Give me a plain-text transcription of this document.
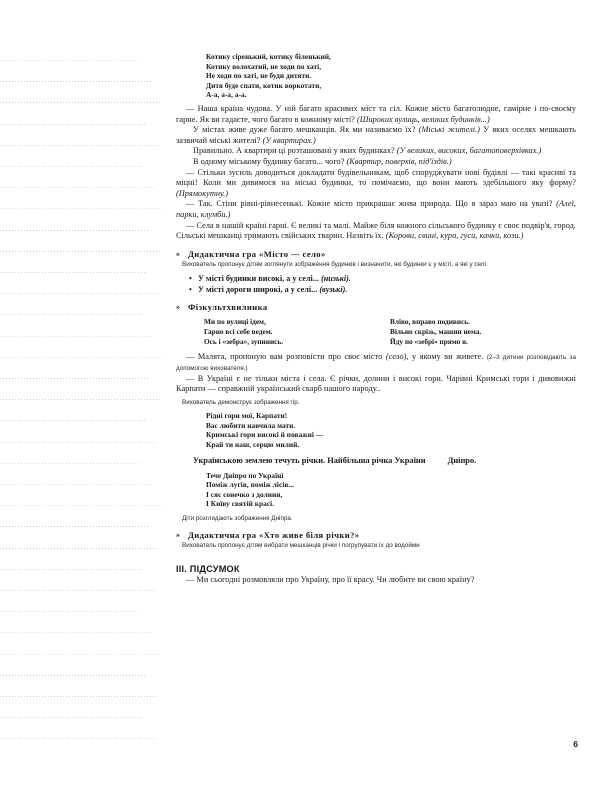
Котику сіренький, котику біленький,
Котику волохатий, не ходи по хаті,
Не ходи по хаті, не буди дитяти.
Дитя буде спати, котик воркотати,
А-а, а-а, а-а.

— Наша країна чудова. У ній багато красивих міст та сіл. Кожне місто багатолюдне, гамірне і по-своєму гарне. Як ви гадаєте, чого багато в кожному місті? (Широких вулиць, великих будинків...)

У містах живе дуже багато мешканців. Як ми називаємо їх? (Міські жителі.) У яких оселях мешкають зазвичай міські жителі? (У квартирах.)

Правильно. А квартири ці розташовані у яких будинках? (У великих, високих, багатоповерхівках.)

В одному міському будинку багато... чого? (Квартир, поверхів, під'їздів.)

— Стільки зусиль доводиться докладати будівельникам, щоб споруджувати нові будівлі — такі красиві та міцні! Коли ми дивимося на міські будинки, то помічаємо, що вони мають здебільшого яку форму? (Прямокутну.)

— Так. Стіни рівні-рівнесенькі. Кожне місто прикрашає жива природа. Що я зараз маю на увазі? (Алеї, парки, клумби.)

— Села в нашій країні гарні. Є великі та малі. Майже біля кожного сільського будинку є своє подвір'я, город. Сільські мешканці тримають свійських тварин. Назвіть їх. (Корови, свині, кури, гуси, качки, кози.)

»	Дидактична гра «Місто — село»
Вихователь пропонує дітям зоглянути зображення будинків і визначити, які будинки є у місті, а які у селі.
• У місті будинки високі, а у селі... (низькі).
• У місті дороги широкі, а у селі... (вузькі).
»	Фізкультхвилинка
Ми по вулиці ідем,
Гарно всі себе ведем.
Ось і «зебра», зупинись.
Вліво, вправо подивись.
Вільно скрізь, машин нема.
Йду по «зебрі» прямо я.

— Малята, пропоную вам розповісти про своє місто (село), у якому ви живете. (2–3 дитини розповідають за допомогою вихователя.)

— В Україні є не тільки міста і села. Є річки, долини і високі гори. Чарівні Кримські гори і дивовижні Карпати — справжній український скарб нашого народу..

Вихователь демонструє зображення гір.
Рідні гори мої, Карпати!
Вас любити навчила мати.
Кримські гори високі й поважні —
Край ти наш, серцю милий.
Українською землею течуть річки. Найбільша річка України	Дніпро.
Тече Дніпро по Україні
Поміж лугів, поміж лісів...
І сяє сонечко з долини,
І Київу святій красі.
Діти розглядають зображення Дніпра.
»	Дидактична гра «Хто живе біля річки?»
Вихователь пропонує дітям вибрати мешканців річки і погрупувати їх до водойми
III. ПІДСУМОК

— Ми сьогодні розмовляли про Україну, про її красу. Чи любите ви свою країну?

6
